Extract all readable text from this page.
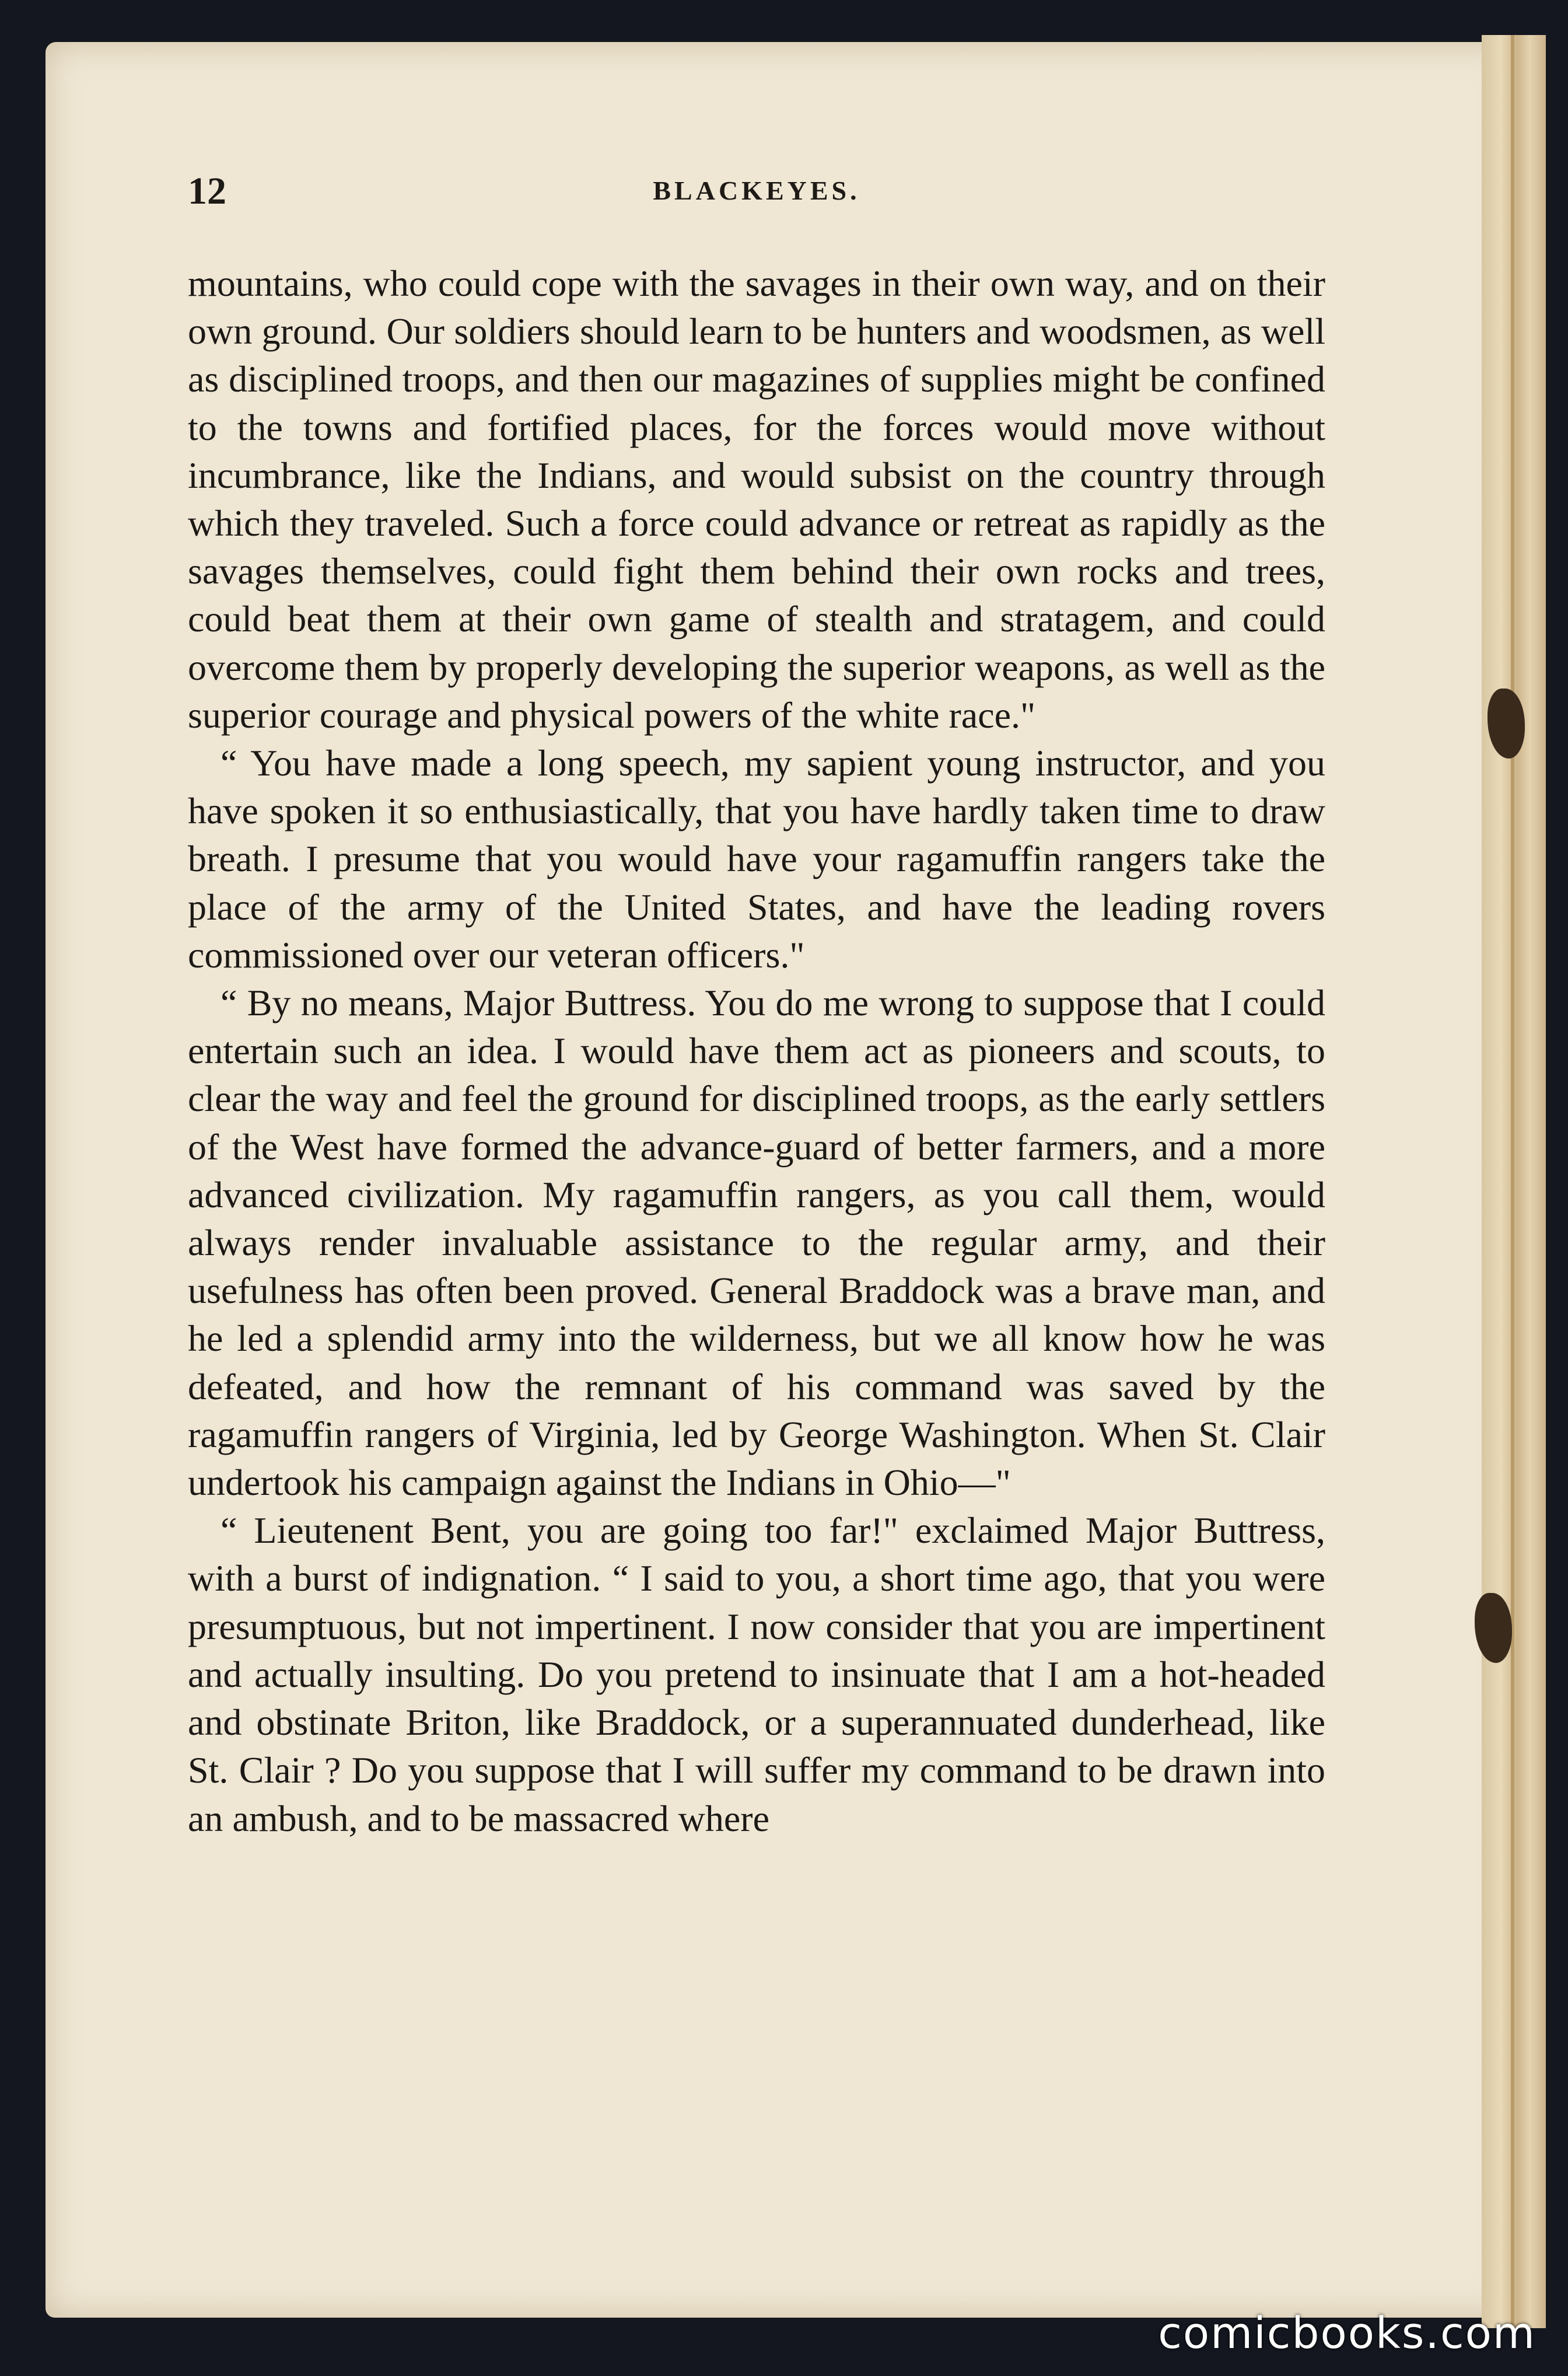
12	BLACKEYES.

mountains, who could cope with the savages in their own way, and on their own ground. Our soldiers should learn to be hunters and woodsmen, as well as disciplined troops, and then our magazines of supplies might be confined to the towns and fortified places, for the forces would move without incumbrance, like the Indians, and would subsist on the country through which they traveled. Such a force could advance or retreat as rapidly as the savages themselves, could fight them behind their own rocks and trees, could beat them at their own game of stealth and stratagem, and could overcome them by properly developing the superior weapons, as well as the superior courage and physical powers of the white race."

“ You have made a long speech, my sapient young instructor, and you have spoken it so enthusiastically, that you have hardly taken time to draw breath. I presume that you would have your ragamuffin rangers take the place of the army of the United States, and have the leading rovers commissioned over our veteran officers."

“ By no means, Major Buttress. You do me wrong to suppose that I could entertain such an idea. I would have them act as pioneers and scouts, to clear the way and feel the ground for disciplined troops, as the early settlers of the West have formed the advance-guard of better farmers, and a more advanced civilization. My ragamuffin rangers, as you call them, would always render invaluable assistance to the regular army, and their usefulness has often been proved. General Braddock was a brave man, and he led a splendid army into the wilderness, but we all know how he was defeated, and how the remnant of his command was saved by the ragamuffin rangers of Virginia, led by George Washington. When St. Clair undertook his campaign against the Indians in Ohio—"

“ Lieutenent Bent, you are going too far!" exclaimed Major Buttress, with a burst of indignation. “ I said to you, a short time ago, that you were presumptuous, but not impertinent. I now consider that you are impertinent and actually insulting. Do you pretend to insinuate that I am a hot-headed and obstinate Briton, like Braddock, or a superannuated dunderhead, like St. Clair ? Do you suppose that I will suffer my command to be drawn into an ambush, and to be massacred where

comicbooks.com
